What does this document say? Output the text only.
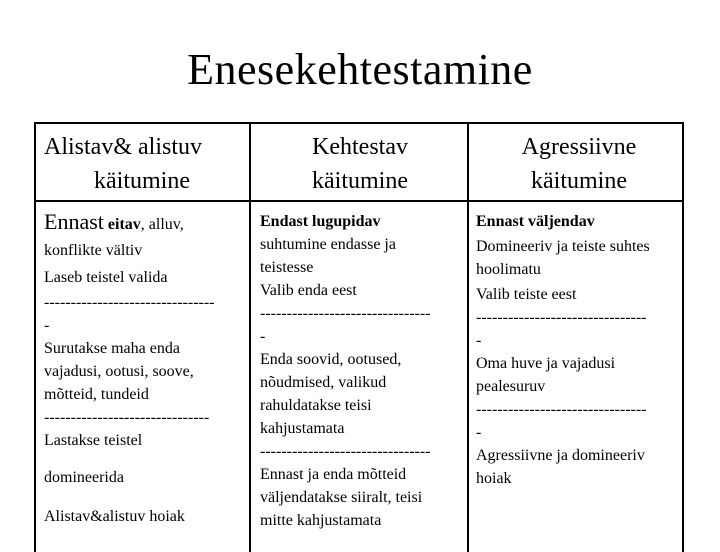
Enesekehtestamine
Alistav& alistuv
käitumine
Kehtestav
käitumine
Agressiivne
käitumine
Ennast eitav, alluv,
konflikte vältiv
Laseb teistel valida
--------------------------------
-
Surutakse maha enda
vajadusi, ootusi, soove,
mõtteid, tundeid
-------------------------------
Lastakse teistel
domineerida
Alistav&alistuv hoiak
Endast lugupidav
suhtumine endasse ja
teistesse
Valib enda eest
--------------------------------
-
Enda soovid, ootused,
nõudmised, valikud
rahuldatakse teisi
kahjustamata
--------------------------------
Ennast ja enda mõtteid
väljendatakse siiralt, teisi
mitte kahjustamata
Ennast väljendav
Domineeriv ja teiste suhtes
hoolimatu
Valib teiste eest
--------------------------------
-
Oma huve ja vajadusi
pealesuruv
--------------------------------
-
Agressiivne ja domineeriv
hoiak
